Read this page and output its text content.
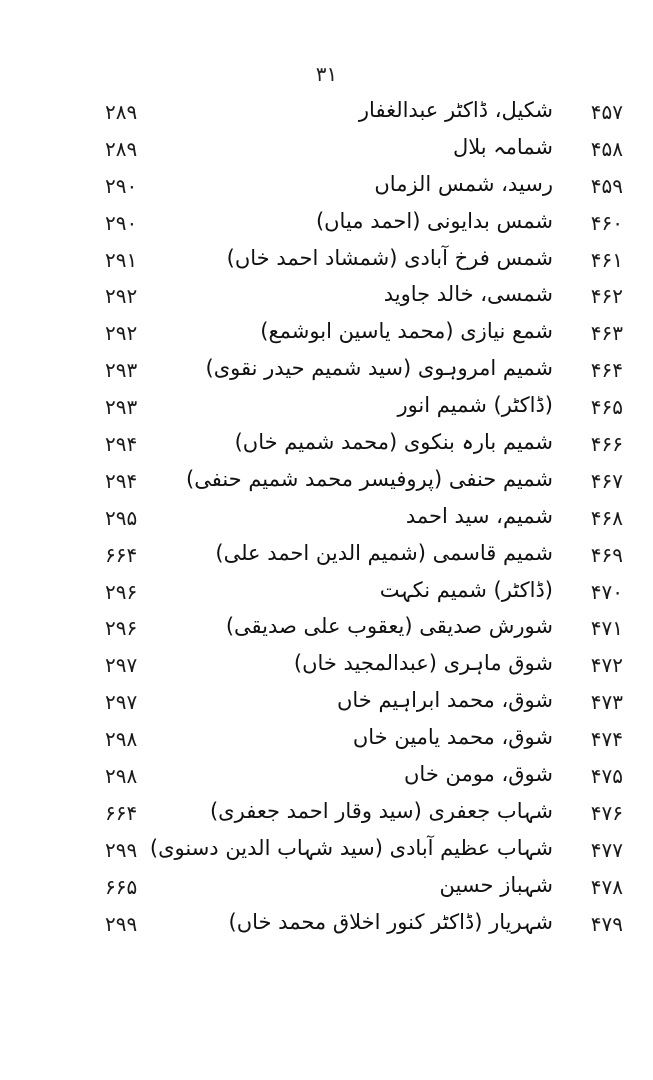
۳۱
۴۵۷
شکیل، ڈاکٹر عبدالغفار
۲۸۹
۴۵۸
شمامہ بلال
۲۸۹
۴۵۹
رسید، شمس الزماں
۲۹۰
۴۶۰
شمس بدایونی (احمد میاں)
۲۹۰
۴۶۱
شمس فرخ آبادی (شمشاد احمد خاں)
۲۹۱
۴۶۲
شمسی، خالد جاوید
۲۹۲
۴۶۳
شمع نیازی (محمد یاسین ابوشمع)
۲۹۲
۴۶۴
شمیم امروہوی (سید شمیم حیدر نقوی)
۲۹۳
۴۶۵
(ڈاکٹر) شمیم انور
۲۹۳
۴۶۶
شمیم بارہ بنکوی (محمد شمیم خاں)
۲۹۴
۴۶۷
شمیم حنفی (پروفیسر محمد شمیم حنفی)
۲۹۴
۴۶۸
شمیم، سید احمد
۲۹۵
۴۶۹
شمیم قاسمی (شمیم الدین احمد علی)
۶۶۴
۴۷۰
(ڈاکٹر) شمیم نکہت
۲۹۶
۴۷۱
شورش صدیقی (یعقوب علی صدیقی)
۲۹۶
۴۷۲
شوق ماہری (عبدالمجید خاں)
۲۹۷
۴۷۳
شوق، محمد ابراہیم خاں
۲۹۷
۴۷۴
شوق، محمد یامین خاں
۲۹۸
۴۷۵
شوق، مومن خاں
۲۹۸
۴۷۶
شہاب جعفری (سید وقار احمد جعفری)
۶۶۴
۴۷۷
شہاب عظیم آبادی (سید شہاب الدین دسنوی)
۲۹۹
۴۷۸
شہباز حسین
۶۶۵
۴۷۹
شہریار (ڈاکٹر کنور اخلاق محمد خاں)
۲۹۹
